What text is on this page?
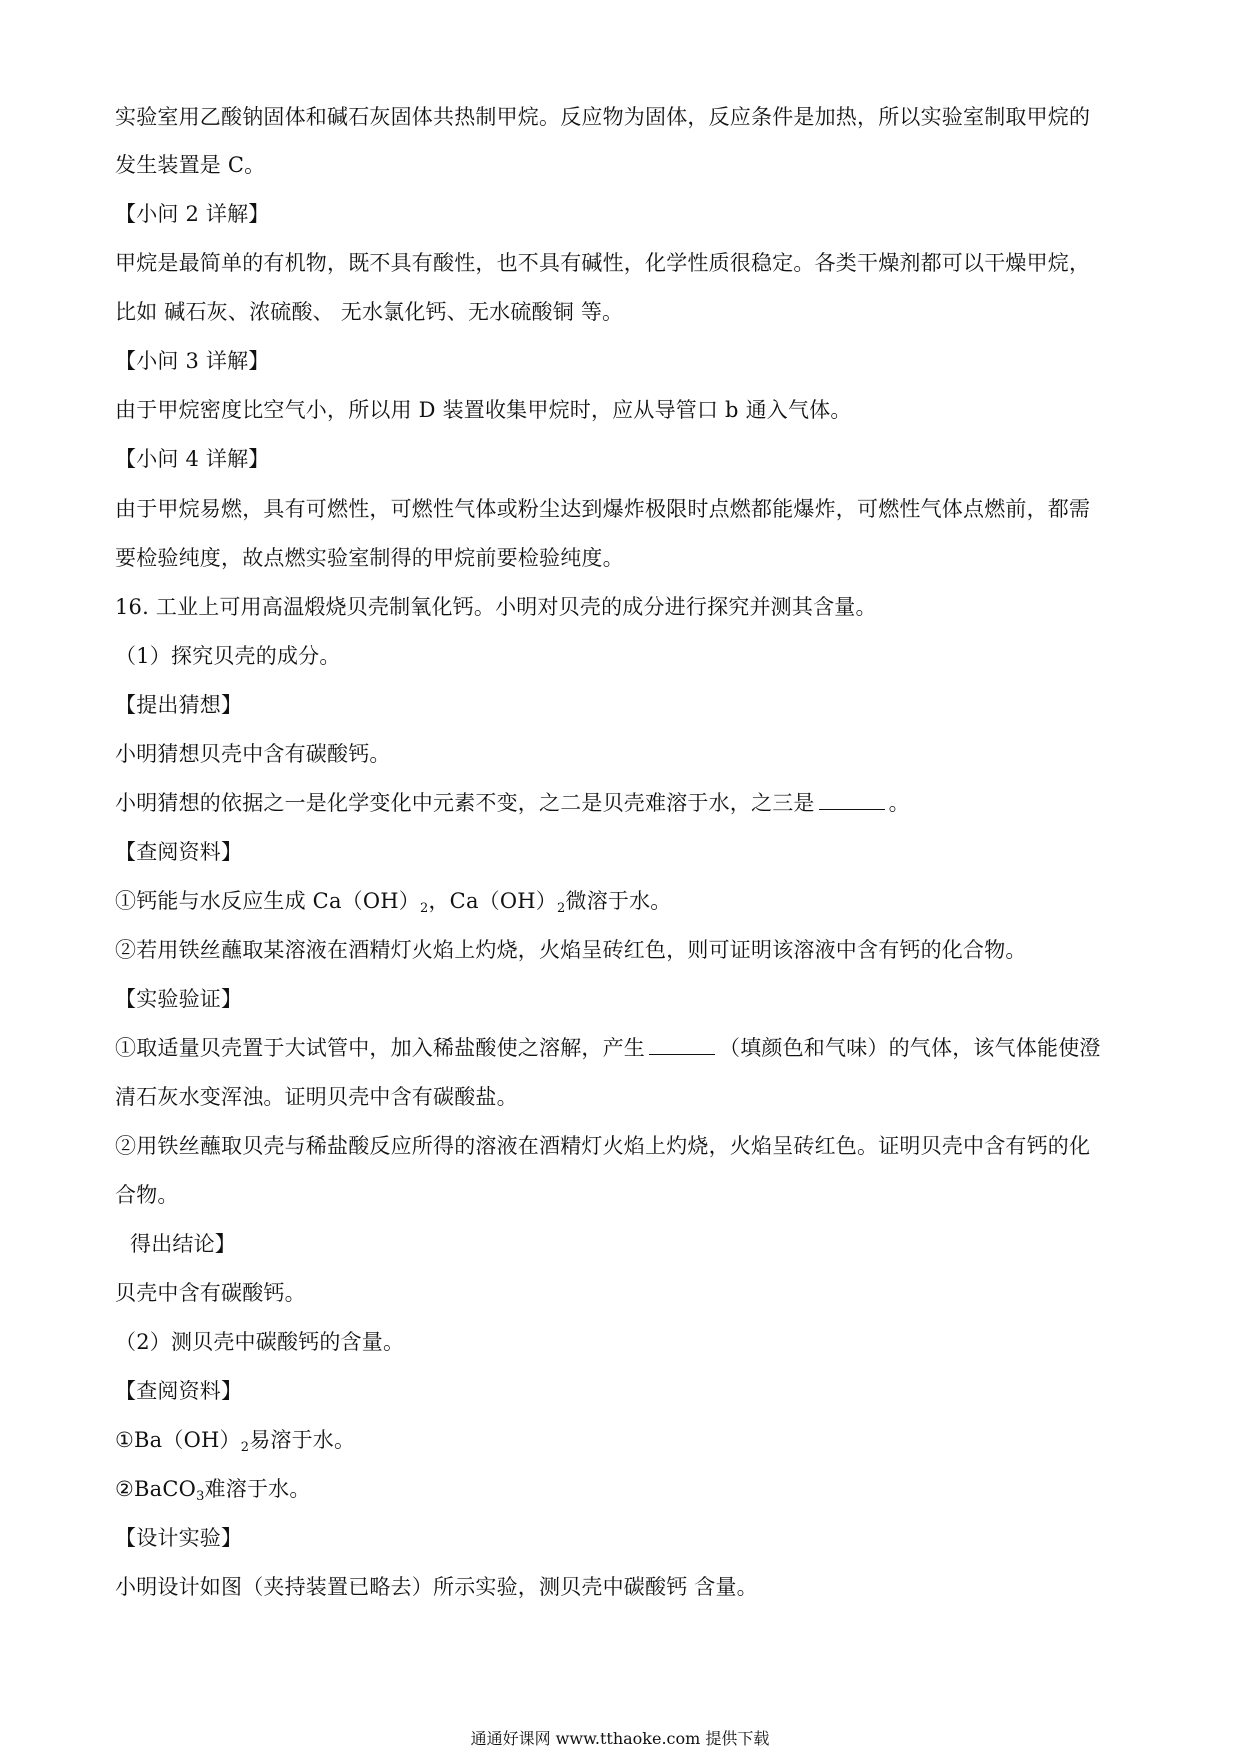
实验室用乙酸钠固体和碱石灰固体共热制甲烷。反应物为固体，反应条件是加热，所以实验室制取甲烷的
发生装置是 C。
【小问 2 详解】
甲烷是最简单的有机物，既不具有酸性，也不具有碱性，化学性质很稳定。各类干燥剂都可以干燥甲烷，
比如 碱石灰、浓硫酸、 无水氯化钙、无水硫酸铜 等。
【小问 3 详解】
由于甲烷密度比空气小，所以用 D 装置收集甲烷时，应从导管口 b 通入气体。
【小问 4 详解】
由于甲烷易燃，具有可燃性，可燃性气体或粉尘达到爆炸极限时点燃都能爆炸，可燃性气体点燃前，都需
要检验纯度，故点燃实验室制得的甲烷前要检验纯度。
16. 工业上可用高温煅烧贝壳制氧化钙。小明对贝壳的成分进行探究并测其含量。
（1）探究贝壳的成分。
【提出猜想】
小明猜想贝壳中含有碳酸钙。
小明猜想的依据之一是化学变化中元素不变，之二是贝壳难溶于水，之三是	。
【查阅资料】
①钙能与水反应生成 $Ca(OH)_2$，$Ca(OH)_2$微溶于水。
②若用铁丝蘸取某溶液在酒精灯火焰上灼烧，火焰呈砖红色，则可证明该溶液中含有钙的化合物。
【实验验证】
①取适量贝壳置于大试管中，加入稀盐酸使之溶解，产生	（填颜色和气味）的气体，该气体能使澄
清石灰水变浑浊。证明贝壳中含有碳酸盐。
②用铁丝蘸取贝壳与稀盐酸反应所得的溶液在酒精灯火焰上灼烧，火焰呈砖红色。证明贝壳中含有钙的化
合物。
得出结论】
贝壳中含有碳酸钙。
（2）测贝壳中碳酸钙的含量。
【查阅资料】
$①Ba(OH)_2$易溶于水。
②BaCO$_3$难溶于水。
【设计实验】
小明设计如图（夹持装置已略去）所示实验，测贝壳中碳酸钙 含量。
通通好课网 www.tthaoke.com 提供下载
